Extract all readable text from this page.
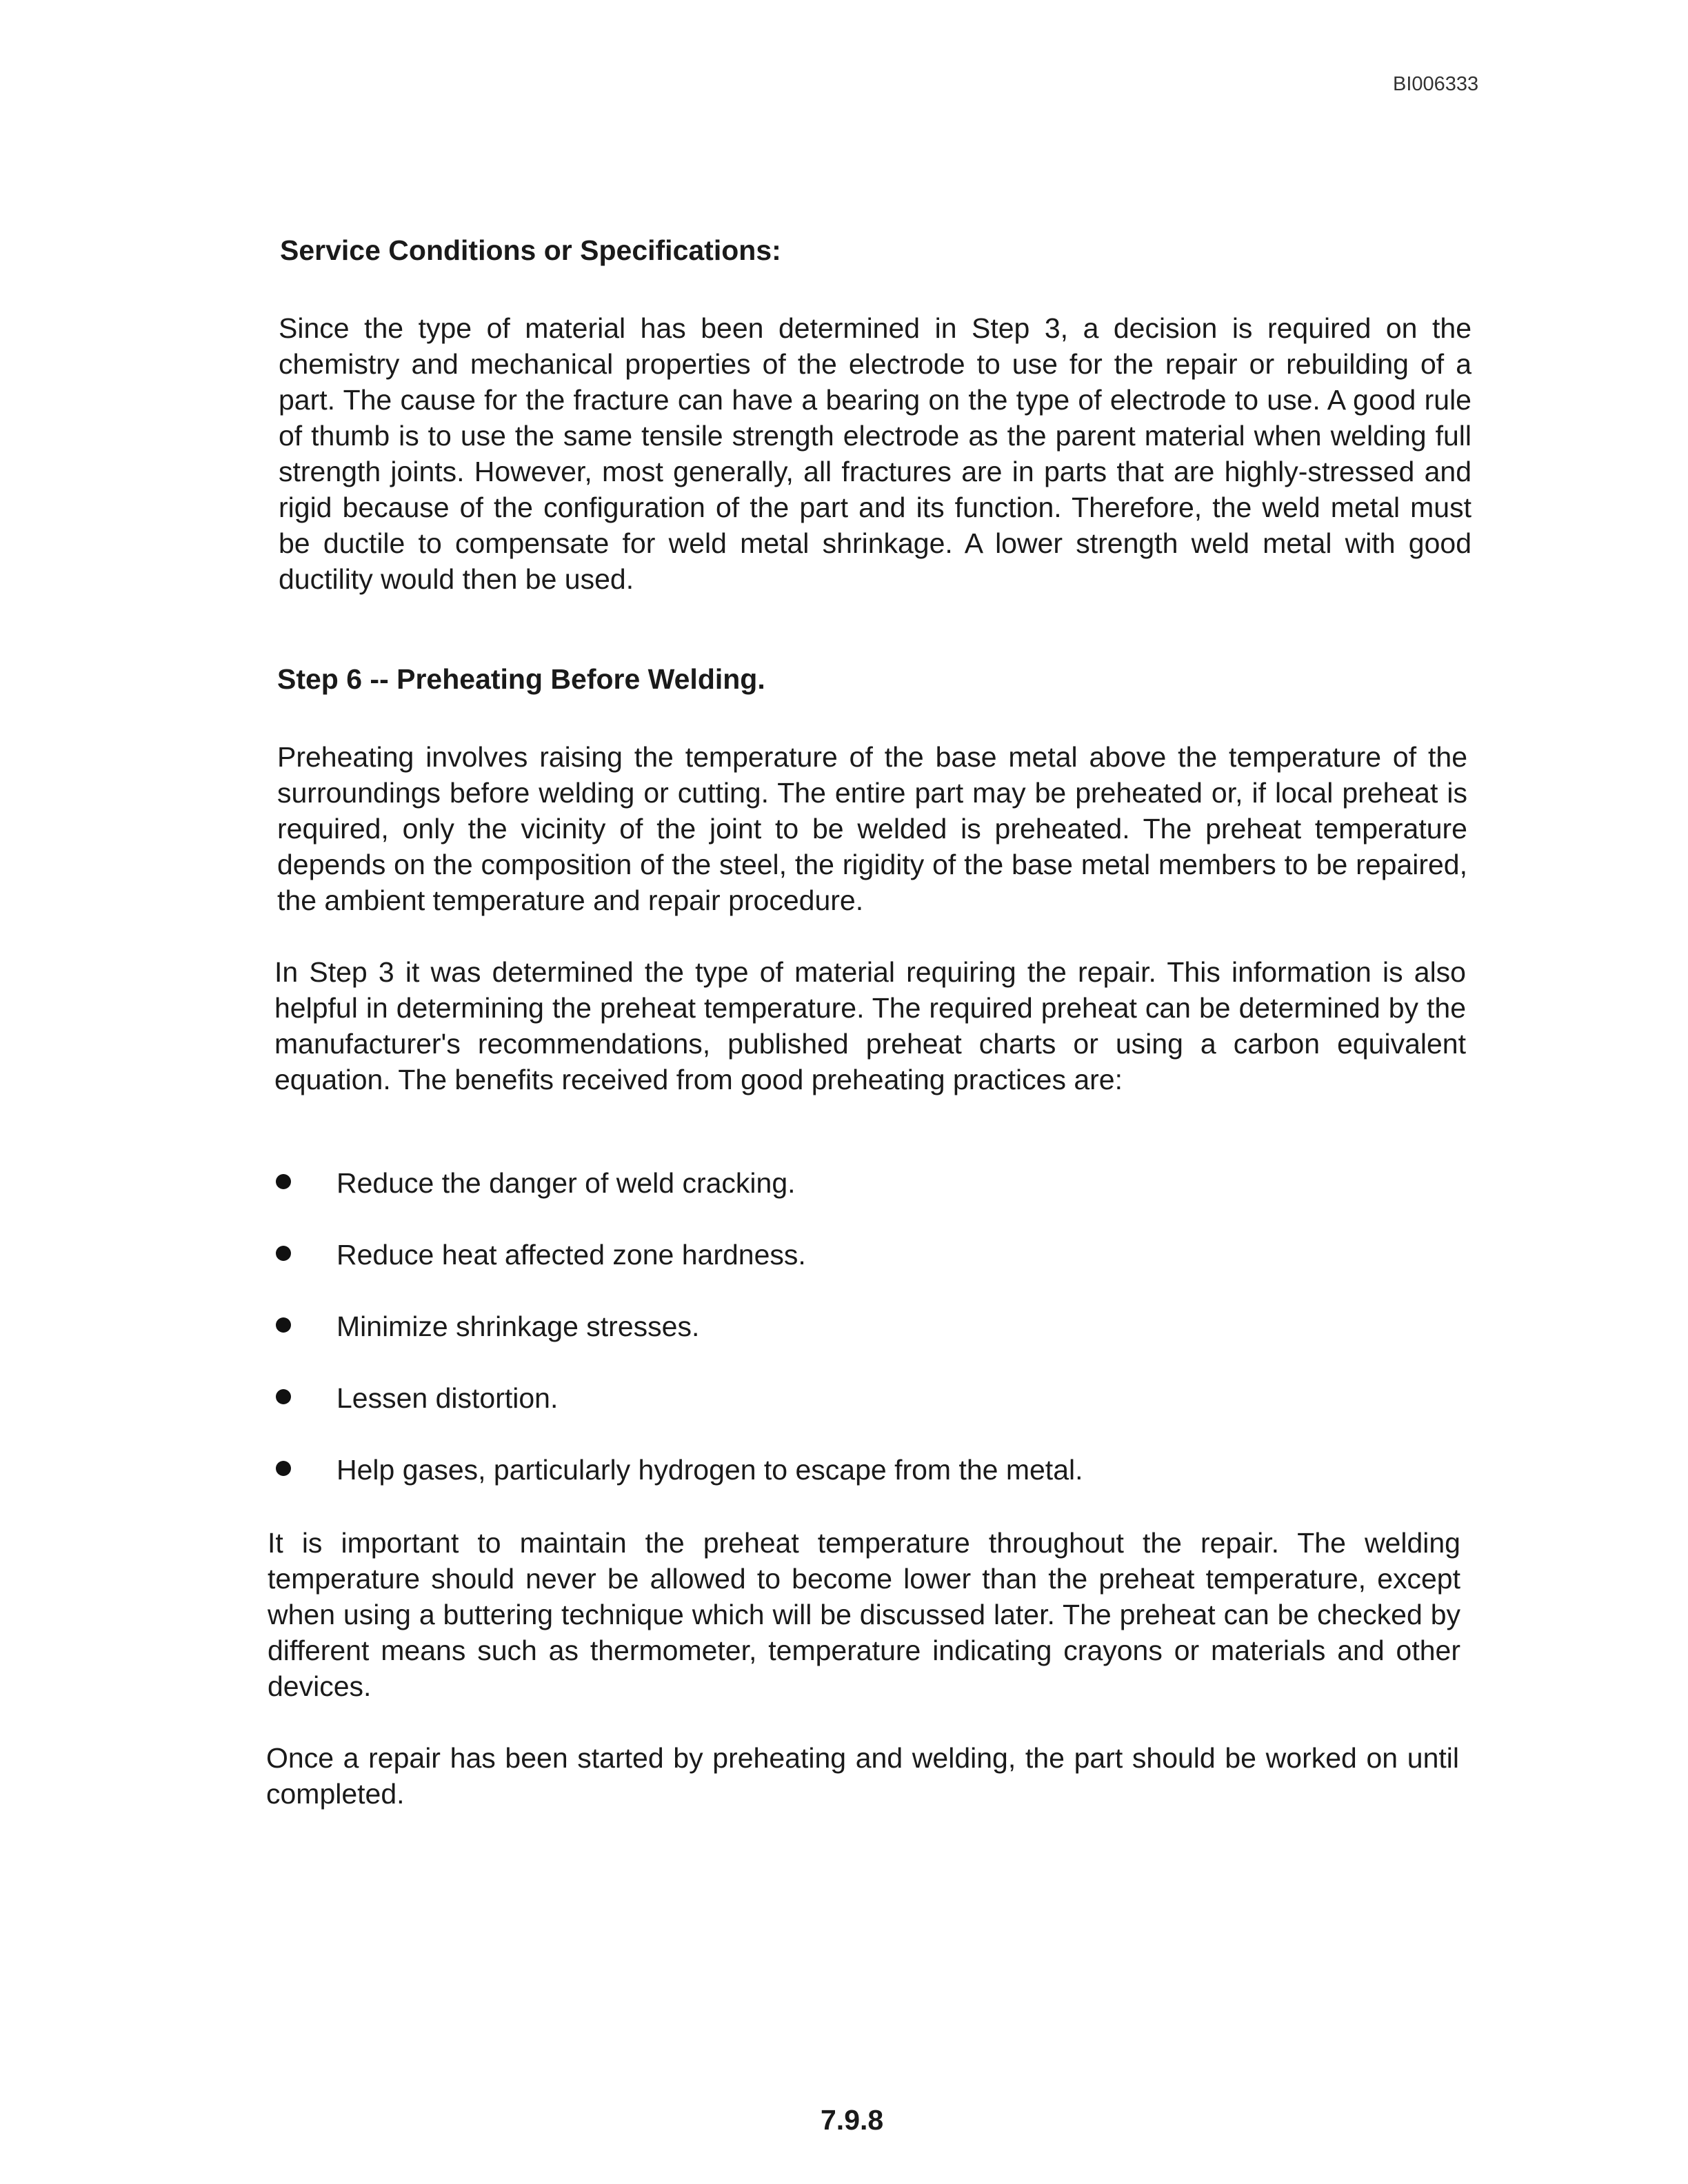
BI006333
Service Conditions or Specifications:

Since the type of material has been determined in Step 3, a decision is required on the chemistry and mechanical properties of the electrode to use for the repair or rebuilding of a part. The cause for the fracture can have a bearing on the type of electrode to use. A good rule of thumb is to use the same tensile strength electrode as the parent material when welding full strength joints. However, most generally, all fractures are in parts that are highly-stressed and rigid because of the configuration of the part and its function. Therefore, the weld metal must be ductile to compensate for weld metal shrinkage. A lower strength weld metal with good ductility would then be used.

Step 6 -- Preheating Before Welding.

Preheating involves raising the temperature of the base metal above the temperature of the surroundings before welding or cutting. The entire part may be preheated or, if local preheat is required, only the vicinity of the joint to be welded is preheated. The preheat temperature depends on the composition of the steel, the rigidity of the base metal members to be repaired, the ambient temperature and repair procedure.

In Step 3 it was determined the type of material requiring the repair. This information is also helpful in determining the preheat temperature. The required preheat can be determined by the manufacturer's recommendations, published preheat charts or using a carbon equivalent equation. The benefits received from good preheating practices are:

Reduce the danger of weld cracking.
Reduce heat affected zone hardness.
Minimize shrinkage stresses.
Lessen distortion.
Help gases, particularly hydrogen to escape from the metal.

It is important to maintain the preheat temperature throughout the repair. The welding temperature should never be allowed to become lower than the preheat temperature, except when using a buttering technique which will be discussed later. The preheat can be checked by different means such as thermometer, temperature indicating crayons or materials and other devices.

Once a repair has been started by preheating and welding, the part should be worked on until completed.

7.9.8
